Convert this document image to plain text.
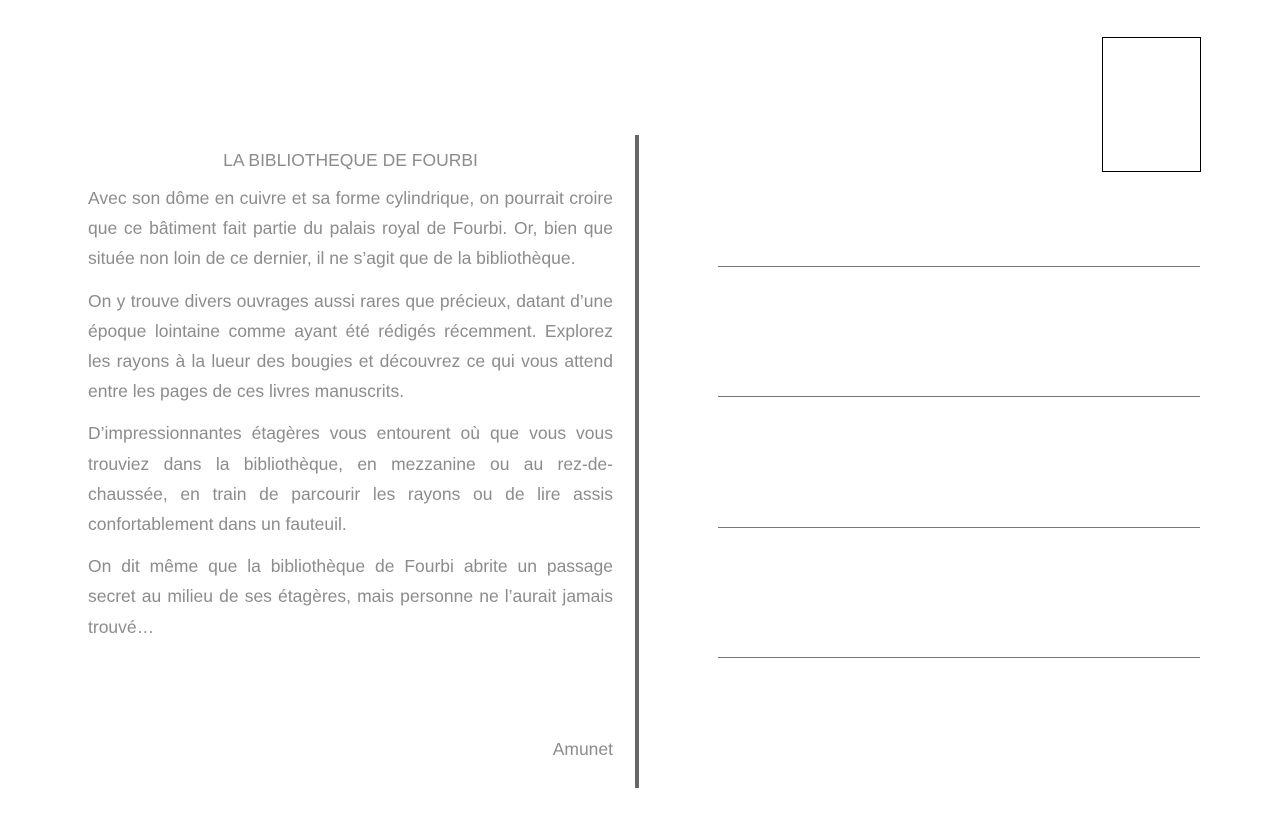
LA BIBLIOTHEQUE DE FOURBI

Avec son dôme en cuivre et sa forme cylindrique, on pourrait croire que ce bâtiment fait partie du palais royal de Fourbi. Or, bien que située non loin de ce dernier, il ne s’agit que de la bibliothèque.

On y trouve divers ouvrages aussi rares que précieux, datant d’une époque lointaine comme ayant été rédigés récemment. Explorez les rayons à la lueur des bougies et découvrez ce qui vous attend entre les pages de ces livres manuscrits.

D’impressionnantes étagères vous entourent où que vous vous trouviez dans la bibliothèque, en mezzanine ou au rez-de-chaussée, en train de parcourir les rayons ou de lire assis confortablement dans un fauteuil.

On dit même que la bibliothèque de Fourbi abrite un passage secret au milieu de ses étagères, mais personne ne l’aurait jamais trouvé…

Amunet
